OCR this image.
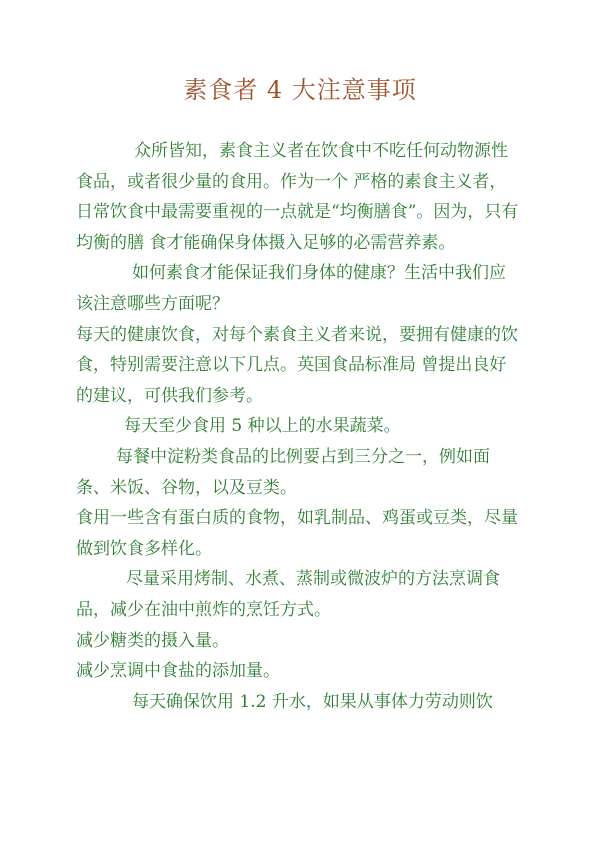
素食者 4 大注意事项

众所皆知，素食主义者在饮食中不吃任何动物源性食品，或者很少量的食用。作为一个 严格的素食主义者，日常饮食中最需要重视的一点就是“均衡膳食”。因为，只有均衡的膳 食才能确保身体摄入足够的必需营养素。

如何素食才能保证我们身体的健康？生活中我们应该注意哪些方面呢？

每天的健康饮食，对每个素食主义者来说，要拥有健康的饮食，特别需要注意以下几点。英国食品标准局 曾提出良好的建议，可供我们参考。

每天至少食用 5 种以上的水果蔬菜。

每餐中淀粉类食品的比例要占到三分之一，例如面条、米饭、谷物，以及豆类。

食用一些含有蛋白质的食物，如乳制品、鸡蛋或豆类，尽量做到饮食多样化。

尽量采用烤制、水煮、蒸制或微波炉的方法烹调食品，减少在油中煎炸的烹饪方式。

减少糖类的摄入量。

减少烹调中食盐的添加量。

每天确保饮用 1.2 升水，如果从事体力劳动则饮
